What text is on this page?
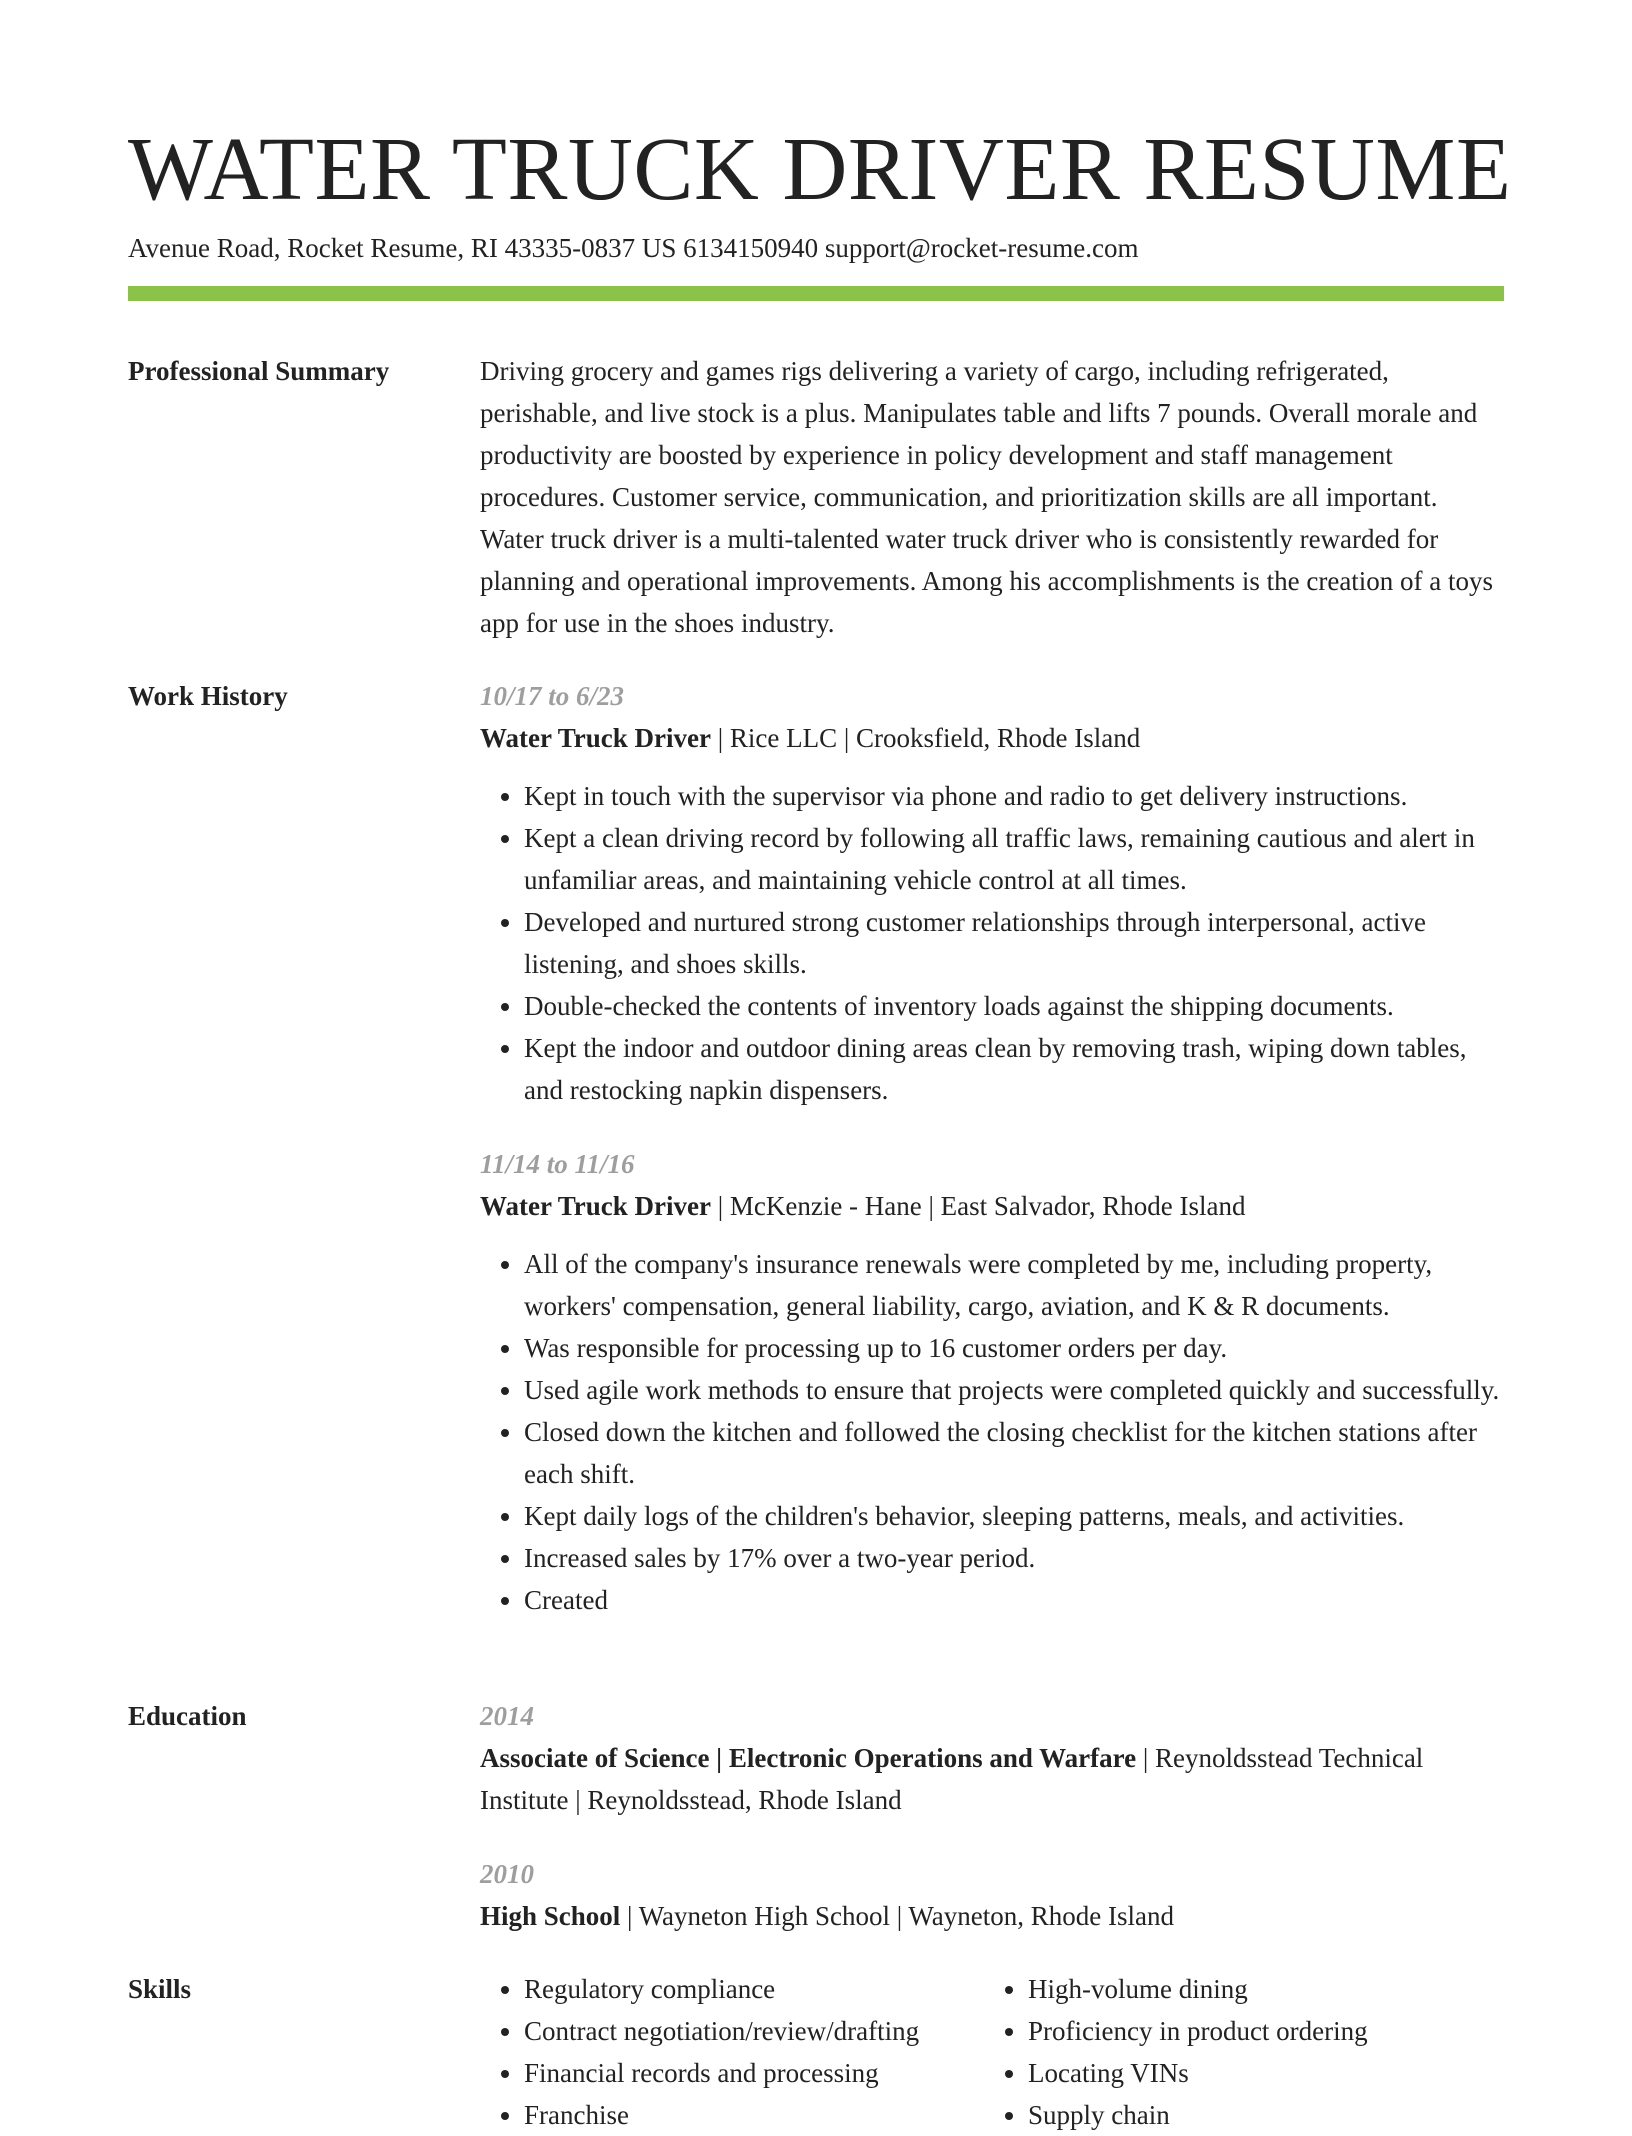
WATER TRUCK DRIVER RESUME
Avenue Road, Rocket Resume, RI 43335-0837 US 6134150940 support@rocket-resume.com
Professional Summary	Driving grocery and games rigs delivering a variety of cargo, including refrigerated, perishable, and live stock is a plus. Manipulates table and lifts 7 pounds. Overall morale and productivity are boosted by experience in policy development and staff management procedures. Customer service, communication, and prioritization skills are all important. Water truck driver is a multi-talented water truck driver who is consistently rewarded for planning and operational improvements. Among his accomplishments is the creation of a toys app for use in the shoes industry.

Work History	10/17 to 6/23

Water Truck Driver | Rice LLC | Crooksfield, Rhode Island

• Kept in touch with the supervisor via phone and radio to get delivery instructions.
• Kept a clean driving record by following all traffic laws, remaining cautious and alert in unfamiliar areas, and maintaining vehicle control at all times.
• Developed and nurtured strong customer relationships through interpersonal, active listening, and shoes skills.
• Double-checked the contents of inventory loads against the shipping documents.
• Kept the indoor and outdoor dining areas clean by removing trash, wiping down tables, and restocking napkin dispensers.

11/14 to 11/16

Water Truck Driver | McKenzie - Hane | East Salvador, Rhode Island

• All of the company's insurance renewals were completed by me, including property, workers' compensation, general liability, cargo, aviation, and K & R documents.
• Was responsible for processing up to 16 customer orders per day.
• Used agile work methods to ensure that projects were completed quickly and successfully.
• Closed down the kitchen and followed the closing checklist for the kitchen stations after each shift.
• Kept daily logs of the children's behavior, sleeping patterns, meals, and activities.
• Increased sales by 17% over a two-year period.
• Created
Education	2014

Associate of Science | Electronic Operations and Warfare | Reynoldsstead Technical Institute | Reynoldsstead, Rhode Island

2010

High School | Wayneton High School | Wayneton, Rhode Island

Skills
•	Regulatory compliance
• Contract negotiation/review/drafting
• Financial records and processing
• Franchise
• High-volume dining
• Proficiency in product ordering
• Locating VINs
• Supply chain
